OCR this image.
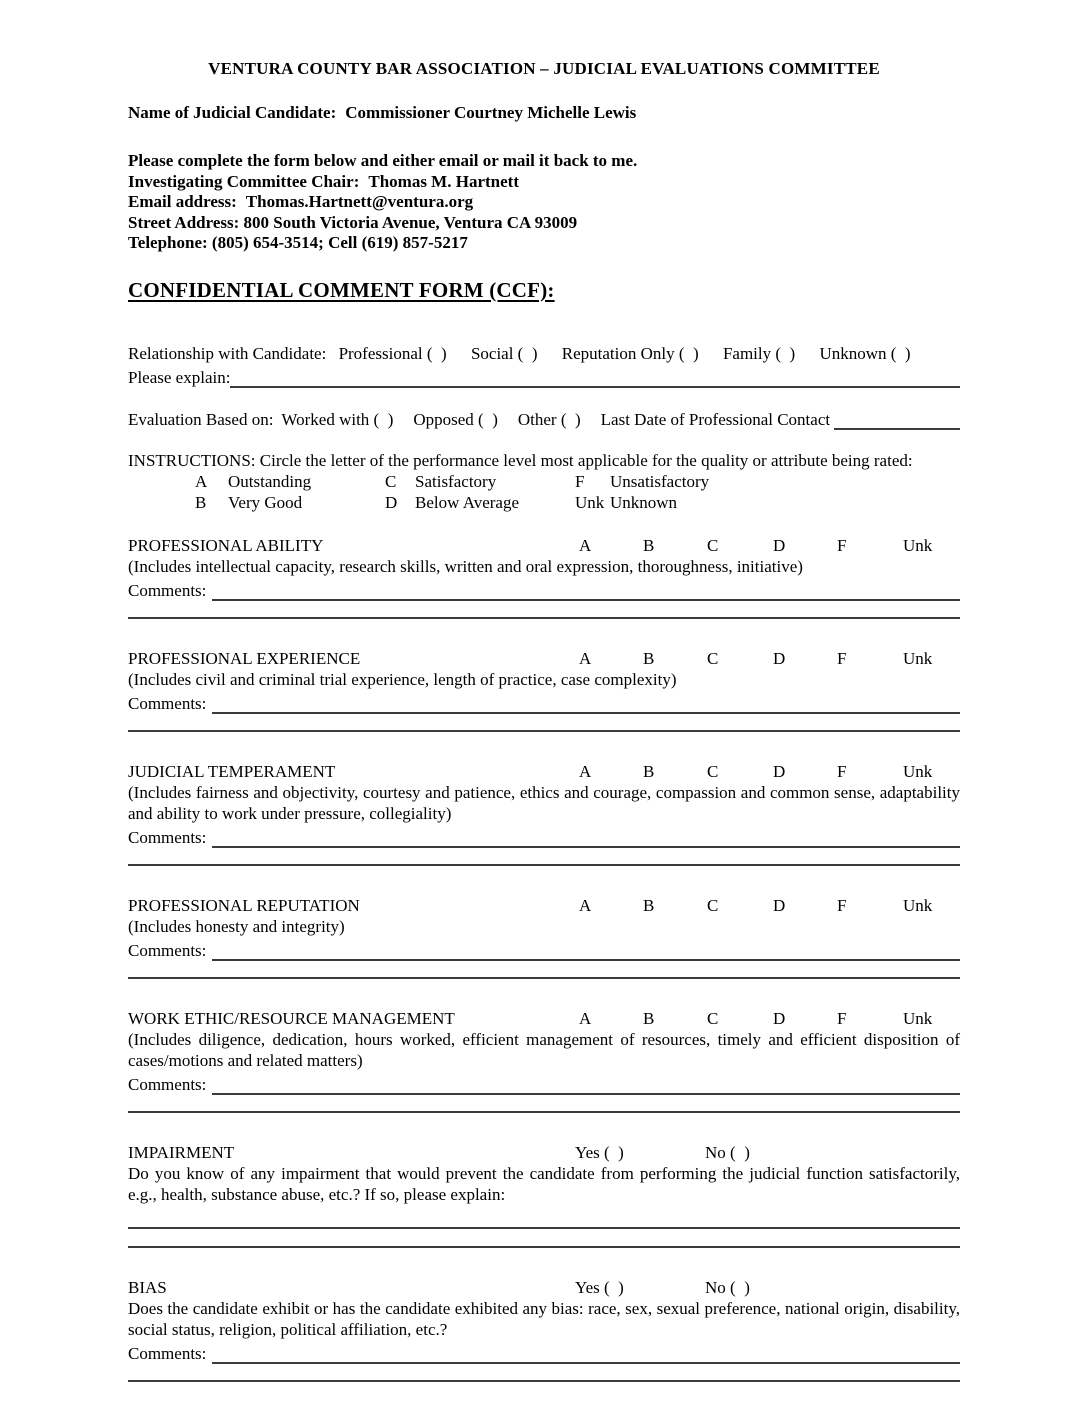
VENTURA COUNTY BAR ASSOCIATION – JUDICIAL EVALUATIONS COMMITTEE
Name of Judicial Candidate: Commissioner Courtney Michelle Lewis
Please complete the form below and either email or mail it back to me.
Investigating Committee Chair: Thomas M. Hartnett
Email address: Thomas.Hartnett@ventura.org
Street Address: 800 South Victoria Avenue, Ventura CA 93009
Telephone: (805) 654-3514; Cell (619) 857-5217
CONFIDENTIAL COMMENT FORM (CCF):
Relationship with Candidate: Professional (  ) Social (  ) Reputation Only (  ) Family (  ) Unknown (  )
Please explain:
Evaluation Based on: Worked with (  ) Opposed (  ) Other (  ) Last Date of Professional Contact
INSTRUCTIONS: Circle the letter of the performance level most applicable for the quality or attribute being rated:
A Outstanding	C Satisfactory	F Unsatisfactory
B Very Good	D Below Average	Unk Unknown
PROFESSIONAL ABILITY	A	B	C	D	F	Unk
(Includes intellectual capacity, research skills, written and oral expression, thoroughness, initiative)
Comments:
PROFESSIONAL EXPERIENCE	A	B	C	D	F	Unk
(Includes civil and criminal trial experience, length of practice, case complexity)
Comments:
JUDICIAL TEMPERAMENT	A	B	C	D	F	Unk
(Includes fairness and objectivity, courtesy and patience, ethics and courage, compassion and common sense, adaptability and ability to work under pressure, collegiality)
Comments:
PROFESSIONAL REPUTATION	A	B	C	D	F	Unk
(Includes honesty and integrity)
Comments:
WORK ETHIC/RESOURCE MANAGEMENT	A	B	C	D	F	Unk
(Includes diligence, dedication, hours worked, efficient management of resources, timely and efficient disposition of cases/motions and related matters)
Comments:
IMPAIRMENT	Yes (  )	No (  )
Do you know of any impairment that would prevent the candidate from performing the judicial function satisfactorily, e.g., health, substance abuse, etc.? If so, please explain:
BIAS	Yes (  )	No (  )
Does the candidate exhibit or has the candidate exhibited any bias: race, sex, sexual preference, national origin, disability, social status, religion, political affiliation, etc.?
Comments:
